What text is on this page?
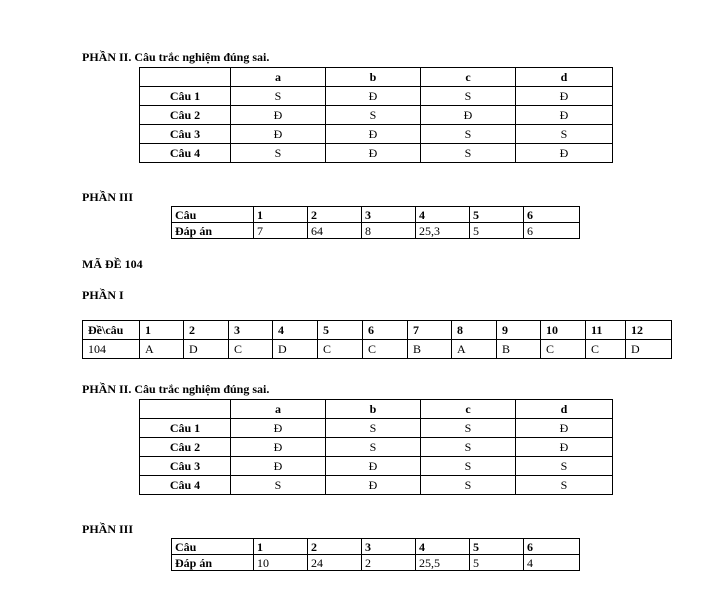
PHẦN II. Câu trắc nghiệm đúng sai.
	a	b	c	d
Câu 1	S	Đ	S	Đ
Câu 2	Đ	S	Đ	Đ
Câu 3	Đ	Đ	S	S
Câu 4	S	Đ	S	Đ
PHẦN III
Câu	1	2	3	4	5	6
Đáp án	7	64	8	25,3	5	6
MÃ ĐỀ 104
PHẦN I
Đề\câu	1	2	3	4	5	6	7	8	9	10	11	12
104	A	D	C	D	C	C	B	A	B	C	C	D
PHẦN II. Câu trắc nghiệm đúng sai.
	a	b	c	d
Câu 1	Đ	S	S	Đ
Câu 2	Đ	S	S	Đ
Câu 3	Đ	Đ	S	S
Câu 4	S	Đ	S	S
PHẦN III
Câu	1	2	3	4	5	6
Đáp án	10	24	2	25,5	5	4
